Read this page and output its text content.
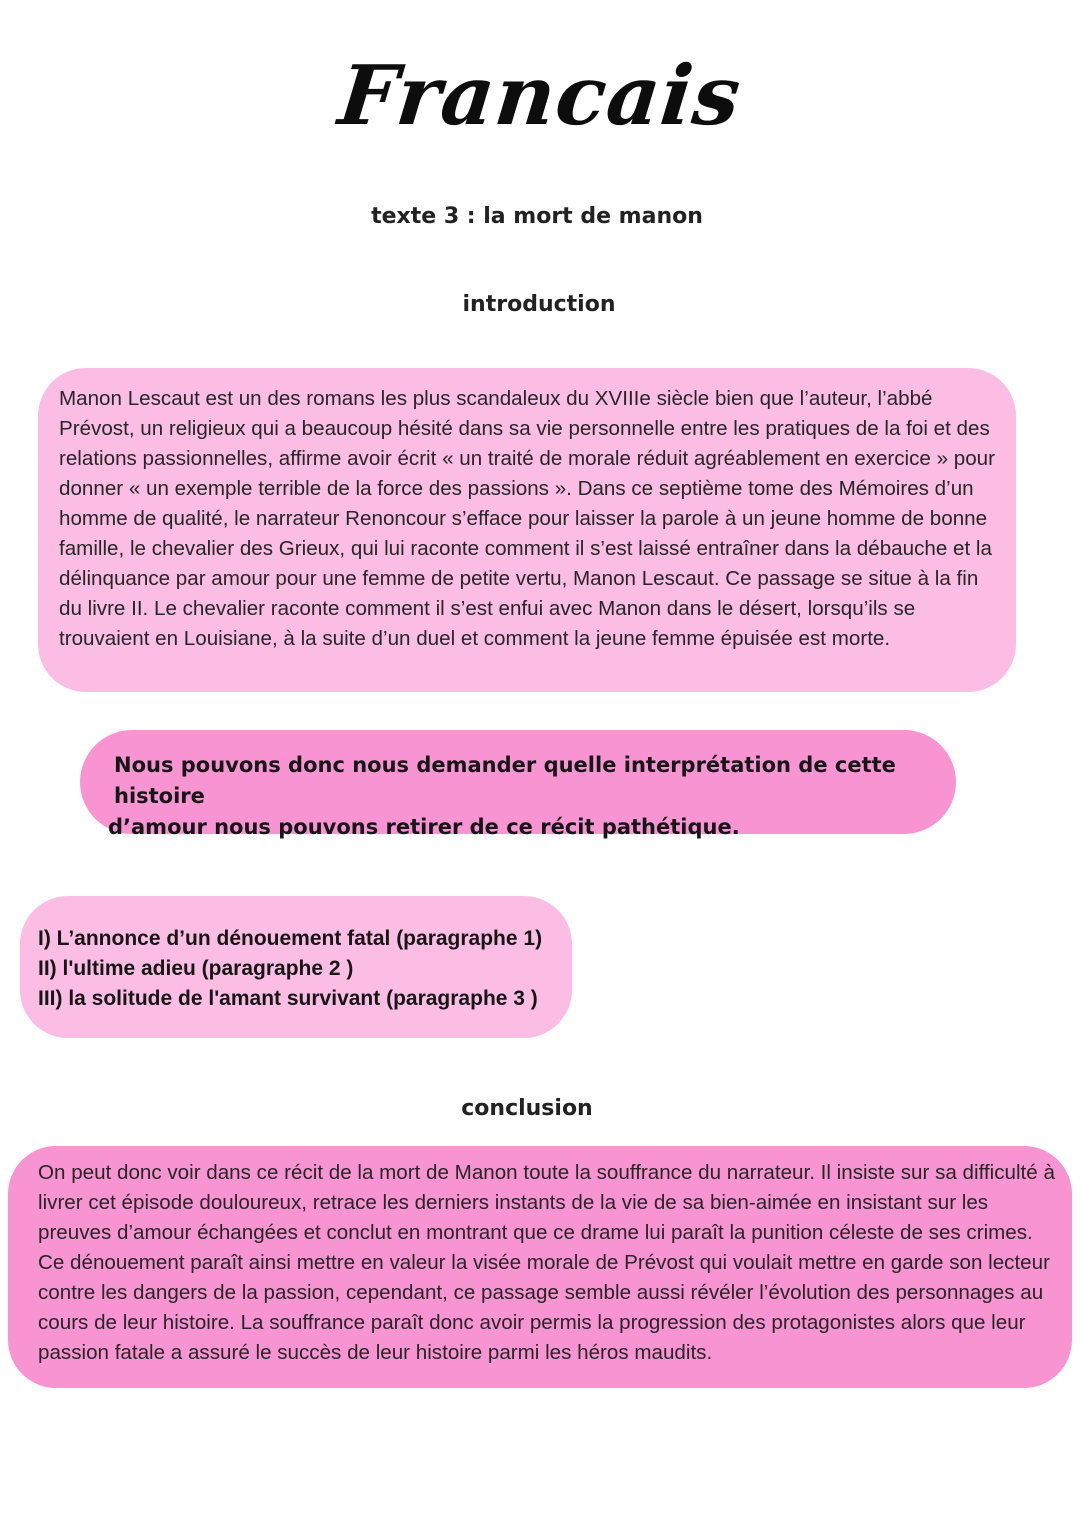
Francais
texte 3 : la mort de manon
introduction
Manon Lescaut est un des romans les plus scandaleux du XVIIIe siècle bien que l’auteur, l’abbé Prévost, un religieux qui a beaucoup hésité dans sa vie personnelle entre les pratiques de la foi et des relations passionnelles, affirme avoir écrit « un traité de morale réduit agréablement en exercice » pour donner « un exemple terrible de la force des passions ». Dans ce septième tome des Mémoires d’un homme de qualité, le narrateur Renoncour s’efface pour laisser la parole à un jeune homme de bonne famille, le chevalier des Grieux, qui lui raconte comment il s’est laissé entraîner dans la débauche et la délinquance par amour pour une femme de petite vertu, Manon Lescaut. Ce passage se situe à la fin du livre II. Le chevalier raconte comment il s’est enfui avec Manon dans le désert, lorsqu’ils se trouvaient en Louisiane, à la suite d’un duel et comment la jeune femme épuisée est morte.
Nous pouvons donc nous demander quelle interprétation de cette histoire
d’amour nous pouvons retirer de ce récit pathétique.
I) L’annonce d’un dénouement fatal (paragraphe 1)
II) l'ultime adieu (paragraphe 2 )
III) la solitude de l'amant survivant (paragraphe 3 )
conclusion
On peut donc voir dans ce récit de la mort de Manon toute la souffrance du narrateur. Il insiste sur sa difficulté à livrer cet épisode douloureux, retrace les derniers instants de la vie de sa bien-aimée en insistant sur les preuves d’amour échangées et conclut en montrant que ce drame lui paraît la punition céleste de ses crimes. Ce dénouement paraît ainsi mettre en valeur la visée morale de Prévost qui voulait mettre en garde son lecteur contre les dangers de la passion, cependant, ce passage semble aussi révéler l’évolution des personnages au cours de leur histoire. La souffrance paraît donc avoir permis la progression des protagonistes alors que leur passion fatale a assuré le succès de leur histoire parmi les héros maudits.
